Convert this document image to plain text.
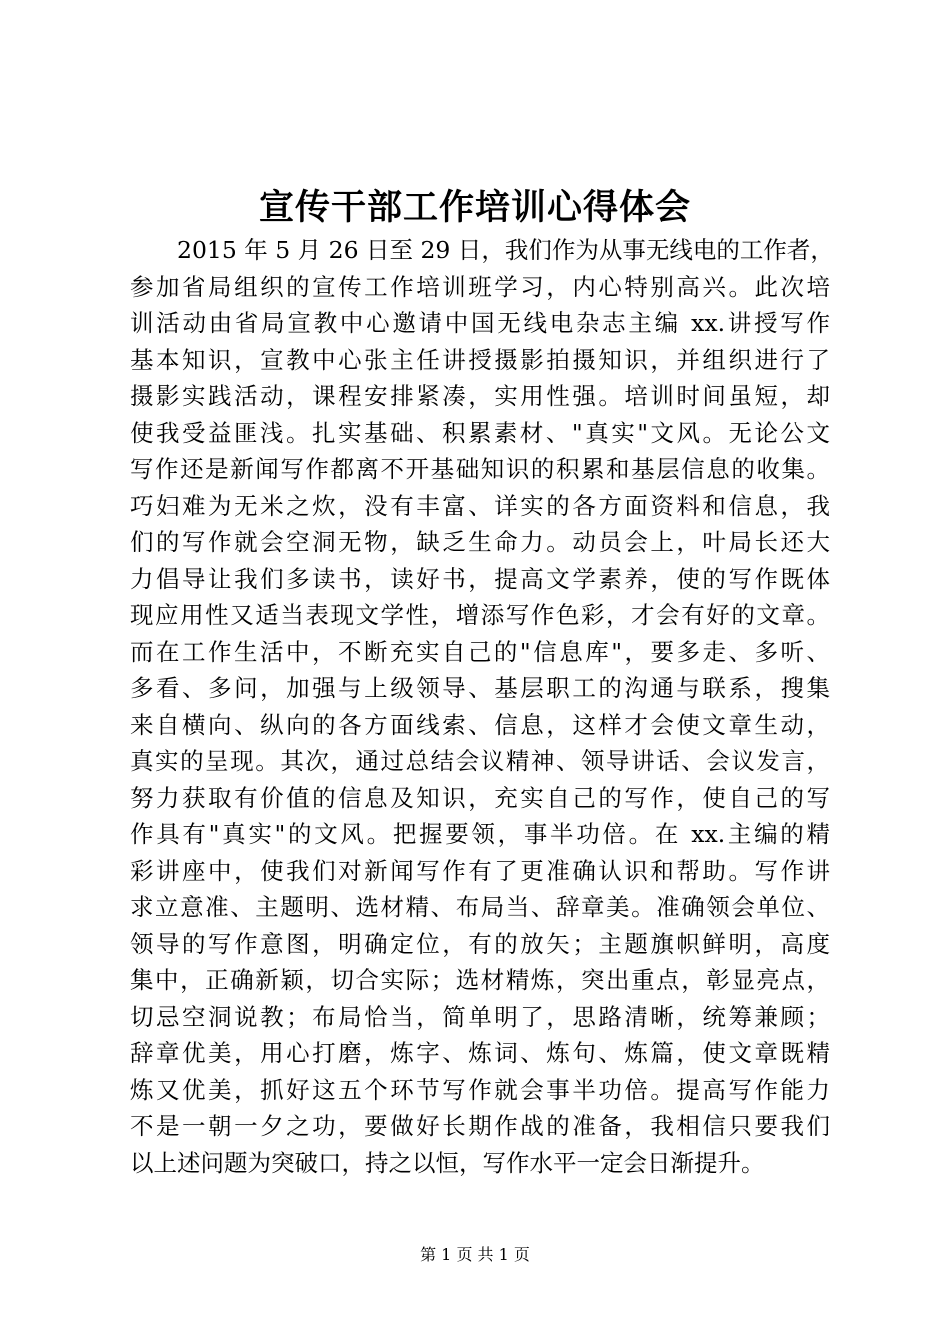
宣传干部工作培训心得体会
2015 年 5 月 26 日至 29 日，我们作为从事无线电的工作者，
参加省局组织的宣传工作培训班学习，内心特别高兴。此次培
训活动由省局宣教中心邀请中国无线电杂志主编 xx.讲授写作
基本知识，宣教中心张主任讲授摄影拍摄知识，并组织进行了
摄影实践活动，课程安排紧凑，实用性强。培训时间虽短，却
使我受益匪浅。扎实基础、积累素材、"真实"文风。无论公文
写作还是新闻写作都离不开基础知识的积累和基层信息的收集。
巧妇难为无米之炊，没有丰富、详实的各方面资料和信息，我
们的写作就会空洞无物，缺乏生命力。动员会上，叶局长还大
力倡导让我们多读书，读好书，提高文学素养，使的写作既体
现应用性又适当表现文学性，增添写作色彩，才会有好的文章。
而在工作生活中，不断充实自己的"信息库"，要多走、多听、
多看、多问，加强与上级领导、基层职工的沟通与联系，搜集
来自横向、纵向的各方面线索、信息，这样才会使文章生动，
真实的呈现。其次，通过总结会议精神、领导讲话、会议发言，
努力获取有价值的信息及知识，充实自己的写作，使自己的写
作具有"真实"的文风。把握要领，事半功倍。在 xx.主编的精
彩讲座中，使我们对新闻写作有了更准确认识和帮助。写作讲
求立意准、主题明、选材精、布局当、辞章美。准确领会单位、
领导的写作意图，明确定位，有的放矢；主题旗帜鲜明，高度
集中，正确新颖，切合实际；选材精炼，突出重点，彰显亮点，
切忌空洞说教；布局恰当，简单明了，思路清晰，统筹兼顾；
辞章优美，用心打磨，炼字、炼词、炼句、炼篇，使文章既精
炼又优美，抓好这五个环节写作就会事半功倍。提高写作能力
不是一朝一夕之功，要做好长期作战的准备，我相信只要我们
以上述问题为突破口，持之以恒，写作水平一定会日渐提升。
第 1 页 共 1 页
